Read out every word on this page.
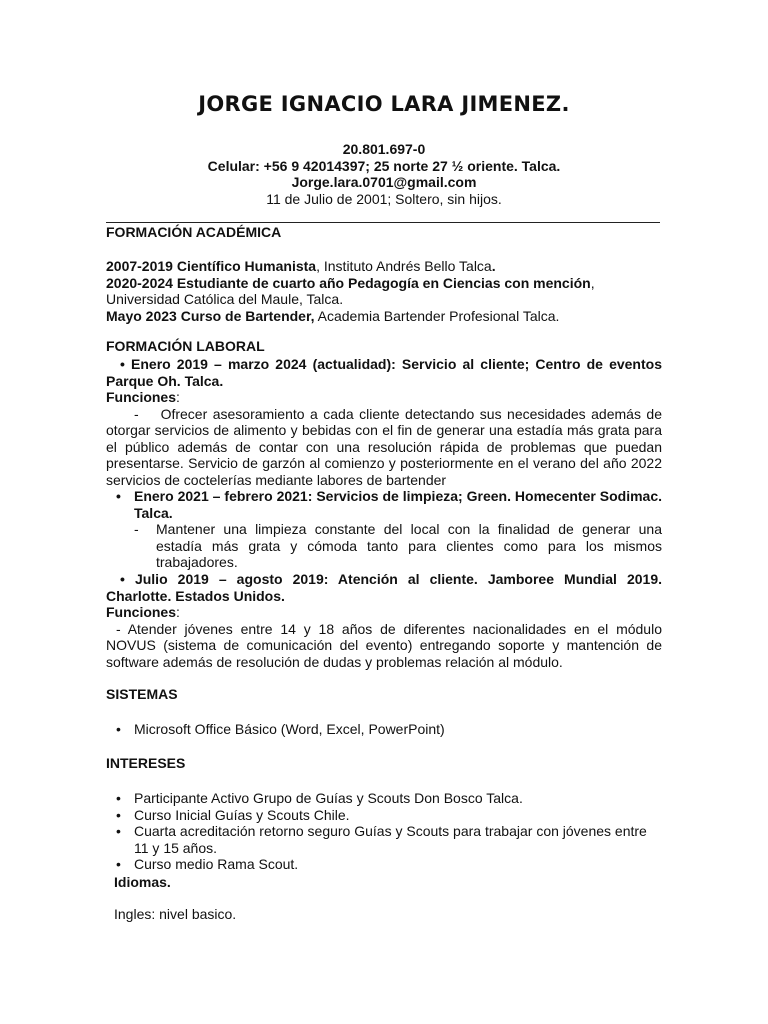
JORGE IGNACIO LARA JIMENEZ.
20.801.697-0
Celular: +56 9 42014397; 25 norte 27 ½ oriente. Talca.
Jorge.lara.0701@gmail.com
11 de Julio de 2001; Soltero, sin hijos.
FORMACIÓN ACADÉMICA
2007-2019 Científico Humanista, Instituto Andrés Bello Talca.
2020-2024 Estudiante de cuarto año Pedagogía en Ciencias con mención, Universidad Católica del Maule, Talca.
Mayo 2023 Curso de Bartender, Academia Bartender Profesional Talca.
FORMACIÓN LABORAL
• Enero 2019 – marzo 2024 (actualidad): Servicio al cliente; Centro de eventos Parque Oh. Talca.
Funciones:
-    Ofrecer asesoramiento a cada cliente detectando sus necesidades además de otorgar servicios de alimento y bebidas con el fin de generar una estadía más grata para el público además de contar con una resolución rápida de problemas que puedan presentarse. Servicio de garzón al comienzo y posteriormente en el verano del año 2022 servicios de coctelerías mediante labores de bartender
• Enero 2021 – febrero 2021: Servicios de limpieza; Green. Homecenter Sodimac. Talca.
- Mantener una limpieza constante del local con la finalidad de generar una estadía más grata y cómoda tanto para clientes como para los mismos trabajadores.
• Julio 2019 – agosto 2019: Atención al cliente. Jamboree Mundial 2019. Charlotte. Estados Unidos.
Funciones:
- Atender jóvenes entre 14 y 18 años de diferentes nacionalidades en el módulo NOVUS (sistema de comunicación del evento) entregando soporte y mantención de software además de resolución de dudas y problemas relación al módulo.
SISTEMAS
• Microsoft Office Básico (Word, Excel, PowerPoint)
INTERESES
• Participante Activo Grupo de Guías y Scouts Don Bosco Talca.
• Curso Inicial Guías y Scouts Chile.
• Cuarta acreditación retorno seguro Guías y Scouts para trabajar con jóvenes entre 11 y 15 años.
• Curso medio Rama Scout.
Idiomas.
Ingles: nivel basico.
